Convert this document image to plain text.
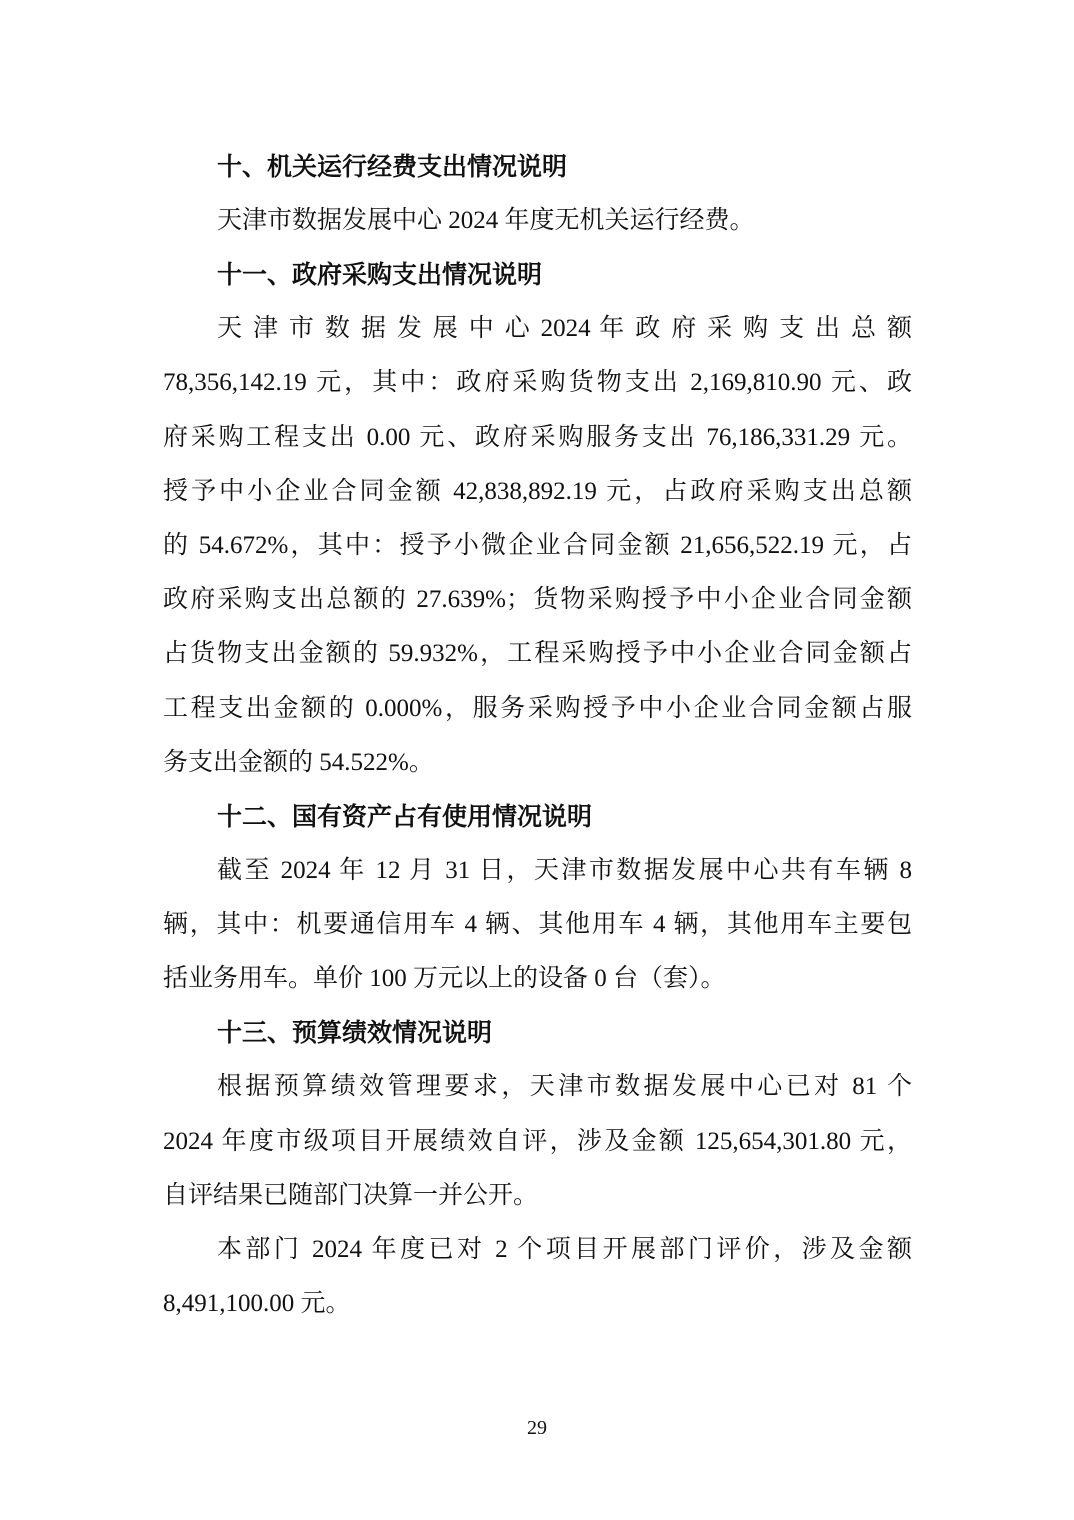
十、机关运行经费支出情况说明
天津市数据发展中心 2024 年度无机关运行经费。
十一、政府采购支出情况说明
天 津 市 数 据 发 展 中 心 2024 年 政 府 采 购 支 出 总 额
78,356,142.19 元，其中：政府采购货物支出 2,169,810.90 元、政
府采购工程支出 0.00 元、政府采购服务支出 76,186,331.29 元。
授予中小企业合同金额 42,838,892.19 元，占政府采购支出总额
的 54.672%，其中：授予小微企业合同金额 21,656,522.19 元，占
政府采购支出总额的 27.639%；货物采购授予中小企业合同金额
占货物支出金额的 59.932%，工程采购授予中小企业合同金额占
工程支出金额的 0.000%，服务采购授予中小企业合同金额占服
务支出金额的 54.522%。
十二、国有资产占有使用情况说明
截至 2024 年 12 月 31 日，天津市数据发展中心共有车辆 8
辆，其中：机要通信用车 4 辆、其他用车 4 辆，其他用车主要包
括业务用车。单价 100 万元以上的设备 0 台（套）。
十三、预算绩效情况说明
根据预算绩效管理要求，天津市数据发展中心已对 81 个
2024 年度市级项目开展绩效自评，涉及金额 125,654,301.80 元，
自评结果已随部门决算一并公开。
本部门 2024 年度已对 2 个项目开展部门评价，涉及金额
8,491,100.00 元。
29
